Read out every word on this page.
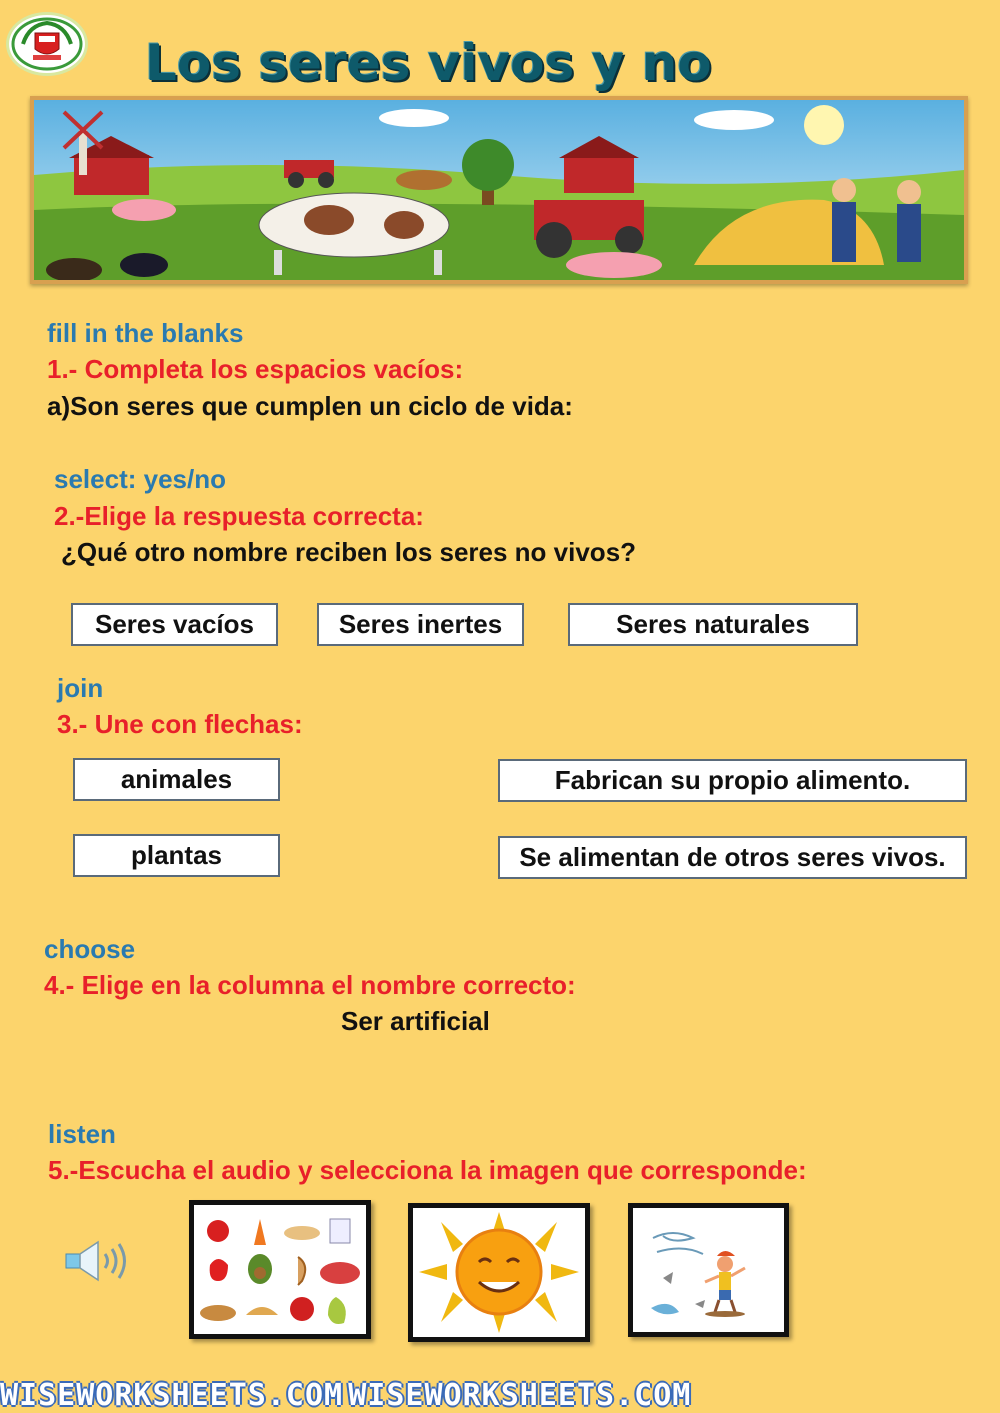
Los seres vivos y no
fill in the blanks
1.- Completa los espacios vacíos:
a)Son seres que cumplen un ciclo de vida:
select: yes/no
2.-Elige la respuesta correcta:
¿Qué otro nombre reciben los seres no vivos?
Seres vacíos	Seres inertes	Seres naturales
join
3.- Une con flechas:
animales
plantas
Fabrican su propio alimento.
Se alimentan de otros seres vivos.
choose
4.- Elige en la columna el nombre correcto:
Ser artificial
listen
5.-Escucha el audio y selecciona la imagen que corresponde:
WISEWORKSHEETS.COM WISEWORKSHEETS.COM
